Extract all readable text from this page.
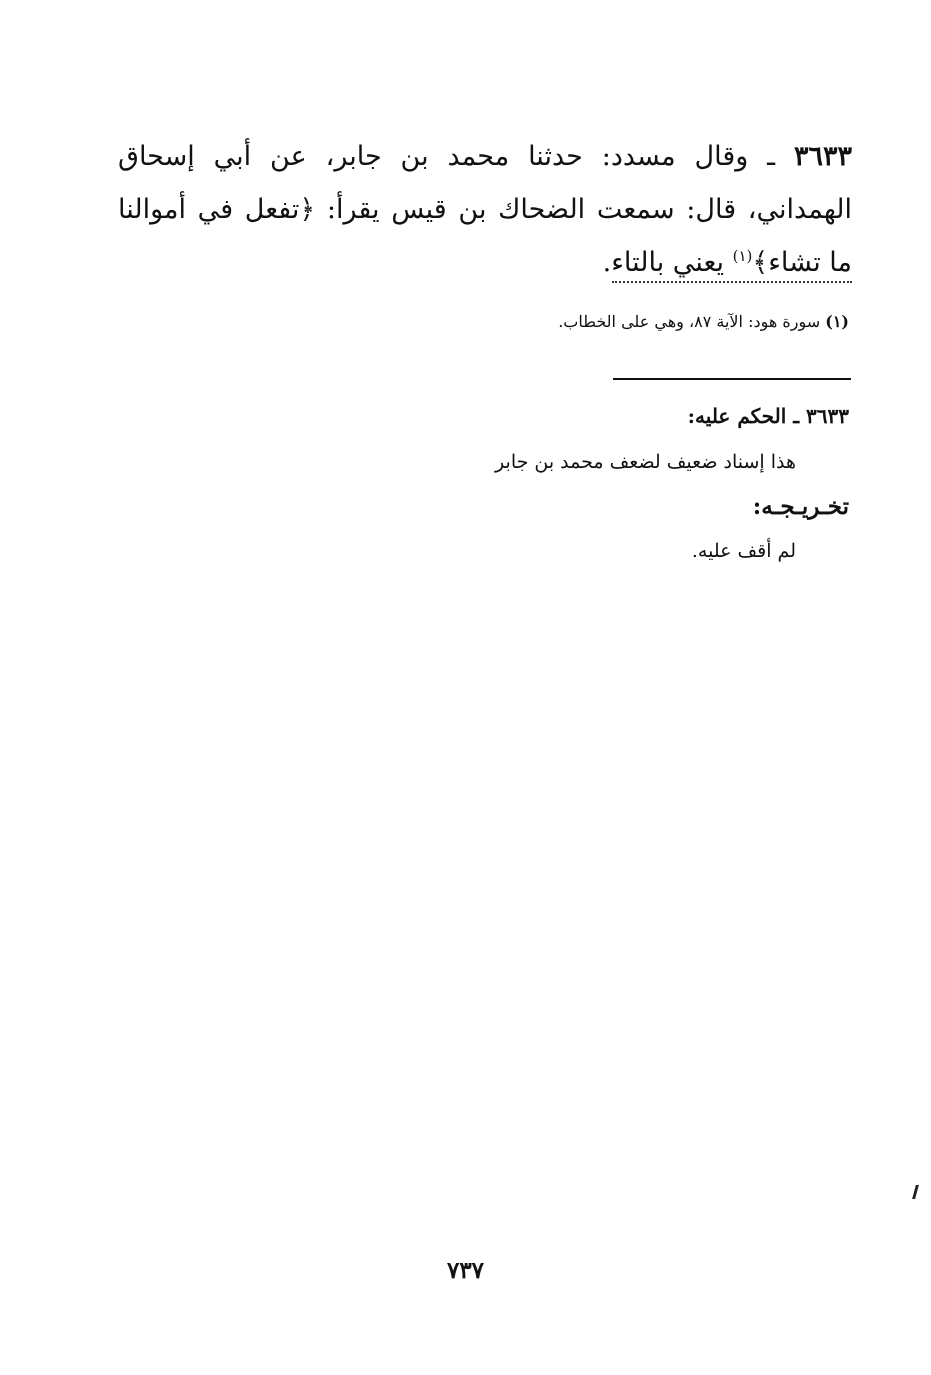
٣٦٣٣ ـ وقال مسدد: حدثنا محمد بن جابر، عن أبي إسحاق الهمداني، قال: سمعت الضحاك بن قيس يقرأ: ﴿تفعل في أموالنا ما تشاء﴾$^{(١)}$ يعني بالتاء.

(١) سورة هود: الآية ٨٧، وهي على الخطاب.
٣٦٣٣ ـ الحكم عليه:
هذا إسناد ضعيف لضعف محمد بن جابر
تخـريـجـه:
لم أقف عليه.
٧٣٧
